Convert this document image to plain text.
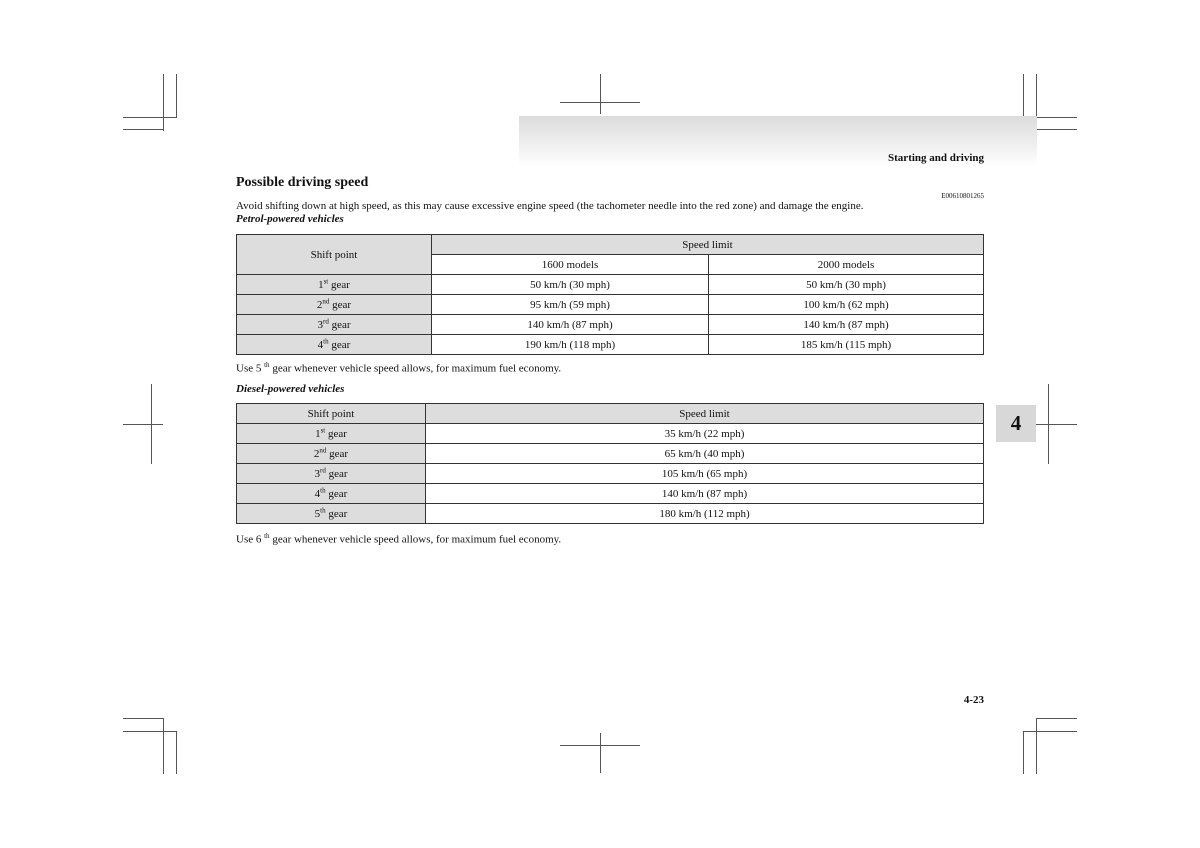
Starting and driving
4
Possible driving speed
E00610801265
Avoid shifting down at high speed, as this may cause excessive engine speed (the tachometer needle into the red zone) and damage the engine.
Petrol-powered vehicles
Shift point	Speed limit	
	1600 models	2000 models
1st gear	50 km/h (30 mph)	50 km/h (30 mph)
2nd gear	95 km/h (59 mph)	100 km/h (62 mph)
3rd gear	140 km/h (87 mph)	140 km/h (87 mph)
4th gear	190 km/h (118 mph)	185 km/h (115 mph)
Use 5 $^{th}$ gear whenever vehicle speed allows, for maximum fuel economy.
Diesel-powered vehicles
Shift point	Speed limit
1st gear	35 km/h (22 mph)
2nd gear	65 km/h (40 mph)
3rd gear	105 km/h (65 mph)
4th gear	140 km/h (87 mph)
5th gear	180 km/h (112 mph)
Use 6 $^{th}$ gear whenever vehicle speed allows, for maximum fuel economy.
4-23
